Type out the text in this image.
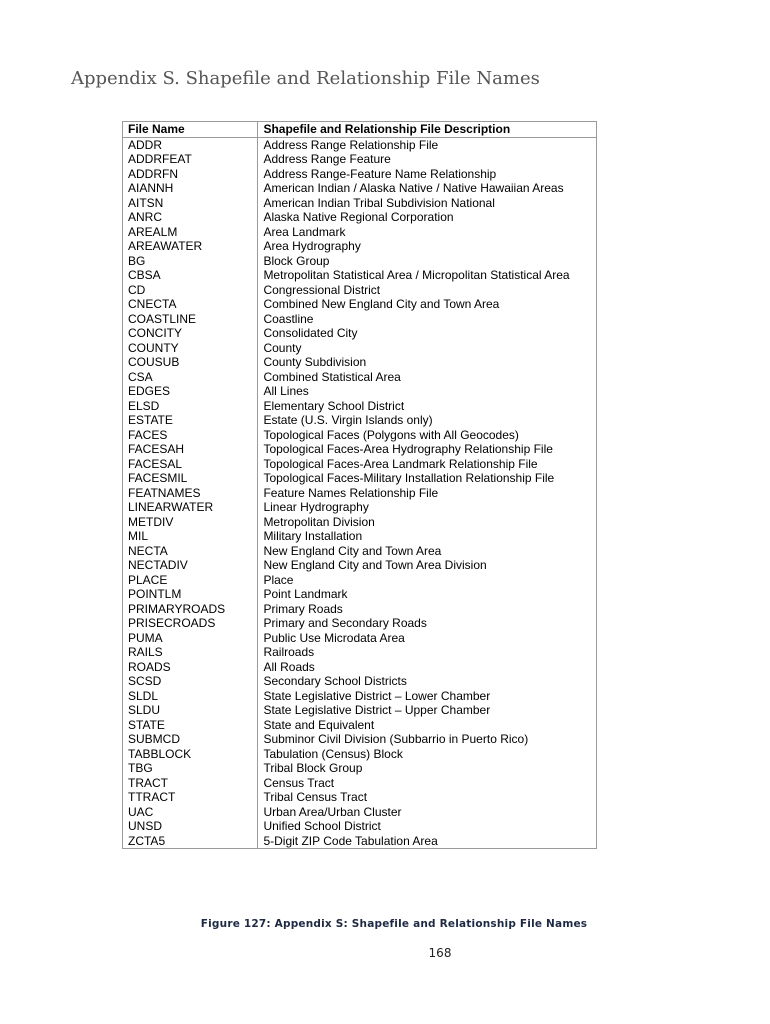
Appendix S. Shapefile and Relationship File Names
File Name	Shapefile and Relationship File Description
ADDR	Address Range Relationship File
ADDRFEAT	Address Range Feature
ADDRFN	Address Range-Feature Name Relationship
AIANNH	American Indian / Alaska Native / Native Hawaiian Areas
AITSN	American Indian Tribal Subdivision National
ANRC	Alaska Native Regional Corporation
AREALM	Area Landmark
AREAWATER	Area Hydrography
BG	Block Group
CBSA	Metropolitan Statistical Area / Micropolitan Statistical Area
CD	Congressional District
CNECTA	Combined New England City and Town Area
COASTLINE	Coastline
CONCITY	Consolidated City
COUNTY	County
COUSUB	County Subdivision
CSA	Combined Statistical Area
EDGES	All Lines
ELSD	Elementary School District
ESTATE	Estate (U.S. Virgin Islands only)
FACES	Topological Faces (Polygons with All Geocodes)
FACESAH	Topological Faces-Area Hydrography Relationship File
FACESAL	Topological Faces-Area Landmark Relationship File
FACESMIL	Topological Faces-Military Installation Relationship File
FEATNAMES	Feature Names Relationship File
LINEARWATER	Linear Hydrography
METDIV	Metropolitan Division
MIL	Military Installation
NECTA	New England City and Town Area
NECTADIV	New England City and Town Area Division
PLACE	Place
POINTLM	Point Landmark
PRIMARYROADS	Primary Roads
PRISECROADS	Primary and Secondary Roads
PUMA	Public Use Microdata Area
RAILS	Railroads
ROADS	All Roads
SCSD	Secondary School Districts
SLDL	State Legislative District – Lower Chamber
SLDU	State Legislative District – Upper Chamber
STATE	State and Equivalent
SUBMCD	Subminor Civil Division (Subbarrio in Puerto Rico)
TABBLOCK	Tabulation (Census) Block
TBG	Tribal Block Group
TRACT	Census Tract
TTRACT	Tribal Census Tract
UAC	Urban Area/Urban Cluster
UNSD	Unified School District
ZCTA5	5-Digit ZIP Code Tabulation Area
Figure 127: Appendix S: Shapefile and Relationship File Names
168
